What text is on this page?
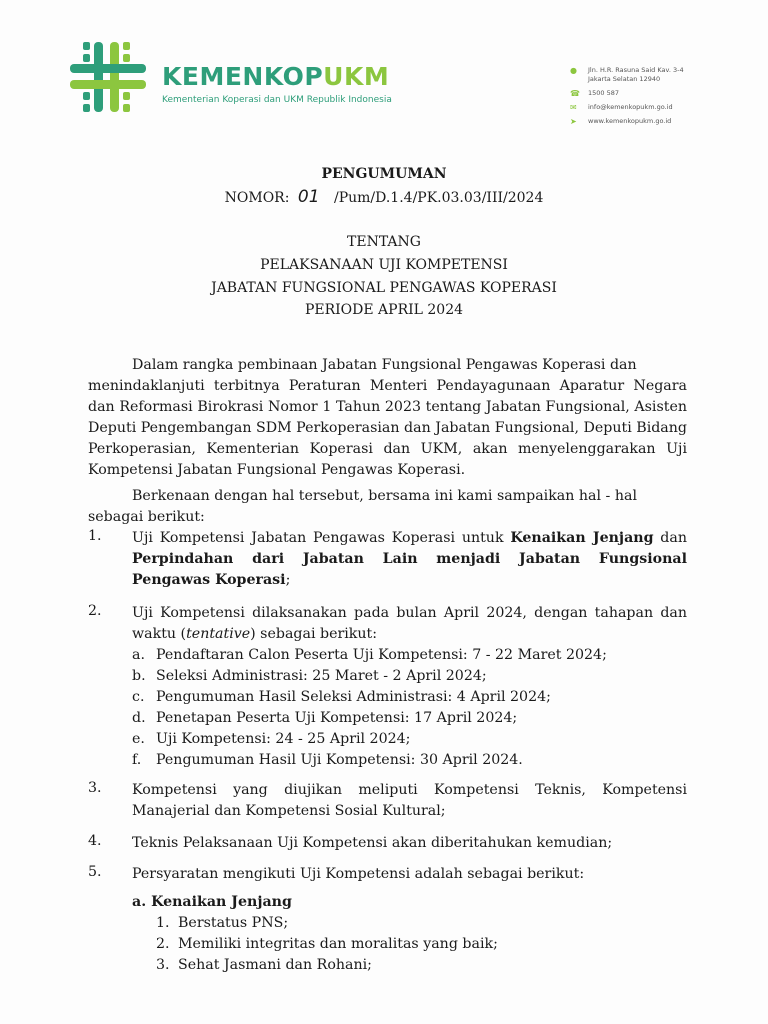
KEMENKOPUKM
Kementerian Koperasi dan UKM Republik Indonesia
●	Jln. H.R. Rasuna Said Kav. 3-4
Jakarta Selatan 12940
☎ 1500 587
✉	info@kemenkopukm.go.id
➤	www.kemenkopukm.go.id
PENGUMUMAN
NOMOR: 01 /Pum/D.1.4/PK.03.03/III/2024
TENTANG
PELAKSANAAN UJI KOMPETENSI
JABATAN FUNGSIONAL PENGAWAS KOPERASI
PERIODE APRIL 2024
Dalam rangka pembinaan Jabatan Fungsional Pengawas Koperasi dan
menindaklanjuti terbitnya Peraturan Menteri Pendayagunaan Aparatur Negara dan Reformasi Birokrasi Nomor 1 Tahun 2023 tentang Jabatan Fungsional, Asisten Deputi Pengembangan SDM Perkoperasian dan Jabatan Fungsional, Deputi Bidang Perkoperasian, Kementerian Koperasi dan UKM, akan menyelenggarakan Uji Kompetensi Jabatan Fungsional Pengawas Koperasi.
Berkenaan dengan hal tersebut, bersama ini kami sampaikan hal - hal
sebagai berikut:
1. Uji Kompetensi Jabatan Pengawas Koperasi untuk Kenaikan Jenjang dan Perpindahan dari Jabatan Lain menjadi Jabatan Fungsional Pengawas Koperasi;
2. Uji Kompetensi dilaksanakan pada bulan April 2024, dengan tahapan dan waktu (tentative) sebagai berikut:
a. Pendaftaran Calon Peserta Uji Kompetensi: 7 - 22 Maret 2024;
b. Seleksi Administrasi: 25 Maret - 2 April 2024;
c. Pengumuman Hasil Seleksi Administrasi: 4 April 2024;
d. Penetapan Peserta Uji Kompetensi: 17 April 2024;
e. Uji Kompetensi: 24 - 25 April 2024;
f. Pengumuman Hasil Uji Kompetensi: 30 April 2024.
3. Kompetensi yang diujikan meliputi Kompetensi Teknis, Kompetensi Manajerial dan Kompetensi Sosial Kultural;
4. Teknis Pelaksanaan Uji Kompetensi akan diberitahukan kemudian;
5. Persyaratan mengikuti Uji Kompetensi adalah sebagai berikut:
a. Kenaikan Jenjang
1. Berstatus PNS;
2. Memiliki integritas dan moralitas yang baik;
3. Sehat Jasmani dan Rohani;
